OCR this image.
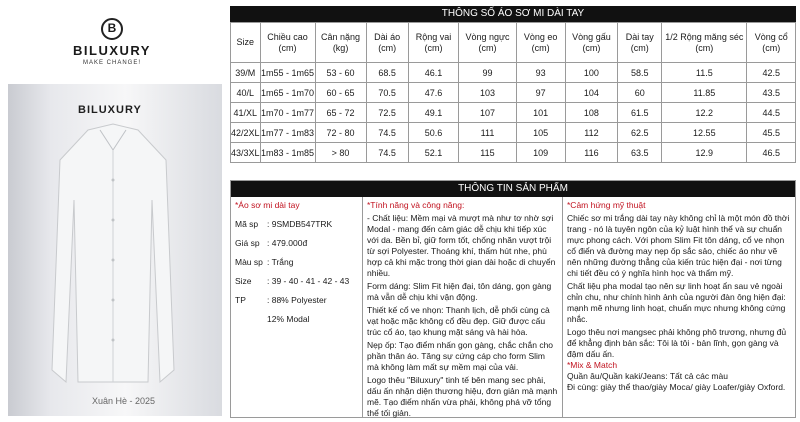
B
BILUXURY
MAKE CHANGE!
BILUXURY
Xuân Hè - 2025
THÔNG SỐ ÁO SƠ MI DÀI TAY
Size	Chiều cao (cm)	Cân nặng (kg)	Dài áo (cm)	Rộng vai (cm)	Vòng ngực (cm)	Vòng eo (cm)	Vòng gấu (cm)	Dài tay (cm)	1/2 Rộng măng séc (cm)	Vòng cổ (cm)
39/M	1m55 - 1m65	53 - 60	68.5	46.1	99	93	100	58.5	11.5	42.5
40/L	1m65 - 1m70	60 - 65	70.5	47.6	103	97	104	60	11.85	43.5
41/XL	1m70 - 1m77	65 - 72	72.5	49.1	107	101	108	61.5	12.2	44.5
42/2XL	1m77 - 1m83	72 - 80	74.5	50.6	111	105	112	62.5	12.55	45.5
43/3XL	1m83 - 1m85	> 80	74.5	52.1	115	109	116	63.5	12.9	46.5
THÔNG TIN SẢN PHẨM
*Áo sơ mi dài tay
Mã sp	: 9SMDB547TRK
Giá sp : 479.000đ
Màu sp : Trắng
Size	: 39 - 40 - 41 - 42 - 43
TP	: 88% Polyester
12% Modal
*Tính năng và công năng:
- Chất liệu: Mềm mại và mượt mà như tơ nhờ sợi Modal - mang đến cảm giác dễ chịu khi tiếp xúc với da. Bền bỉ, giữ form tốt, chống nhăn vượt trội từ sợi Polyester. Thoáng khí, thấm hút nhe, phù hợp cả khi mặc trong thời gian dài hoặc di chuyển nhiều.
Form dáng: Slim Fit hiện đại, tôn dáng, gọn gàng mà vẫn dễ chịu khi vận động.
Thiết kế cổ ve nhọn: Thanh lịch, dễ phối cùng cà vạt hoặc mặc không cổ đều đẹp. Giữ được cấu trúc cổ áo, tạo khung mặt sáng và hài hòa.
Nẹp ốp: Tạo điểm nhấn gọn gàng, chắc chắn cho phần thân áo. Tăng sự cứng cáp cho form Slim mà không làm mất sự mềm mại của vải.
Logo thêu "Biluxury" tinh tế bên mang sec phải, dấu ấn nhận diện thương hiệu, đơn giản mà mạnh mẽ. Tạo điểm nhấn vừa phải, không phá vỡ tổng thể tối giản.
*Cảm hứng mỹ thuật
Chiếc sơ mi trắng dài tay này không chỉ là một món đồ thời trang - nó là tuyên ngôn của kỷ luật hình thể và sự chuẩn mực phong cách. Với phom Slim Fit tôn dáng, cổ ve nhọn cổ điển và đường may nẹp ốp sắc sảo, chiếc áo như vẽ nên những đường thẳng của kiến trúc hiện đại - nơi từng chi tiết đều có ý nghĩa hình học và thẩm mỹ.
Chất liệu pha modal tạo nên sự linh hoạt ẩn sau vẻ ngoài chỉn chu, như chính hình ảnh của người đàn ông hiện đại: mạnh mẽ nhưng linh hoạt, chuẩn mực nhưng không cứng nhắc.
Logo thêu nơi mangsec phải không phô trương, nhưng đủ để khẳng định bản sắc: Tôi là tôi - bản lĩnh, gọn gàng và đậm dấu ấn.
*Mix & Match
Quần âu/Quần kaki/Jeans: Tất cả các màu
Đi cùng: giày thể thao/giày Moca/ giày Loafer/giày Oxford.
